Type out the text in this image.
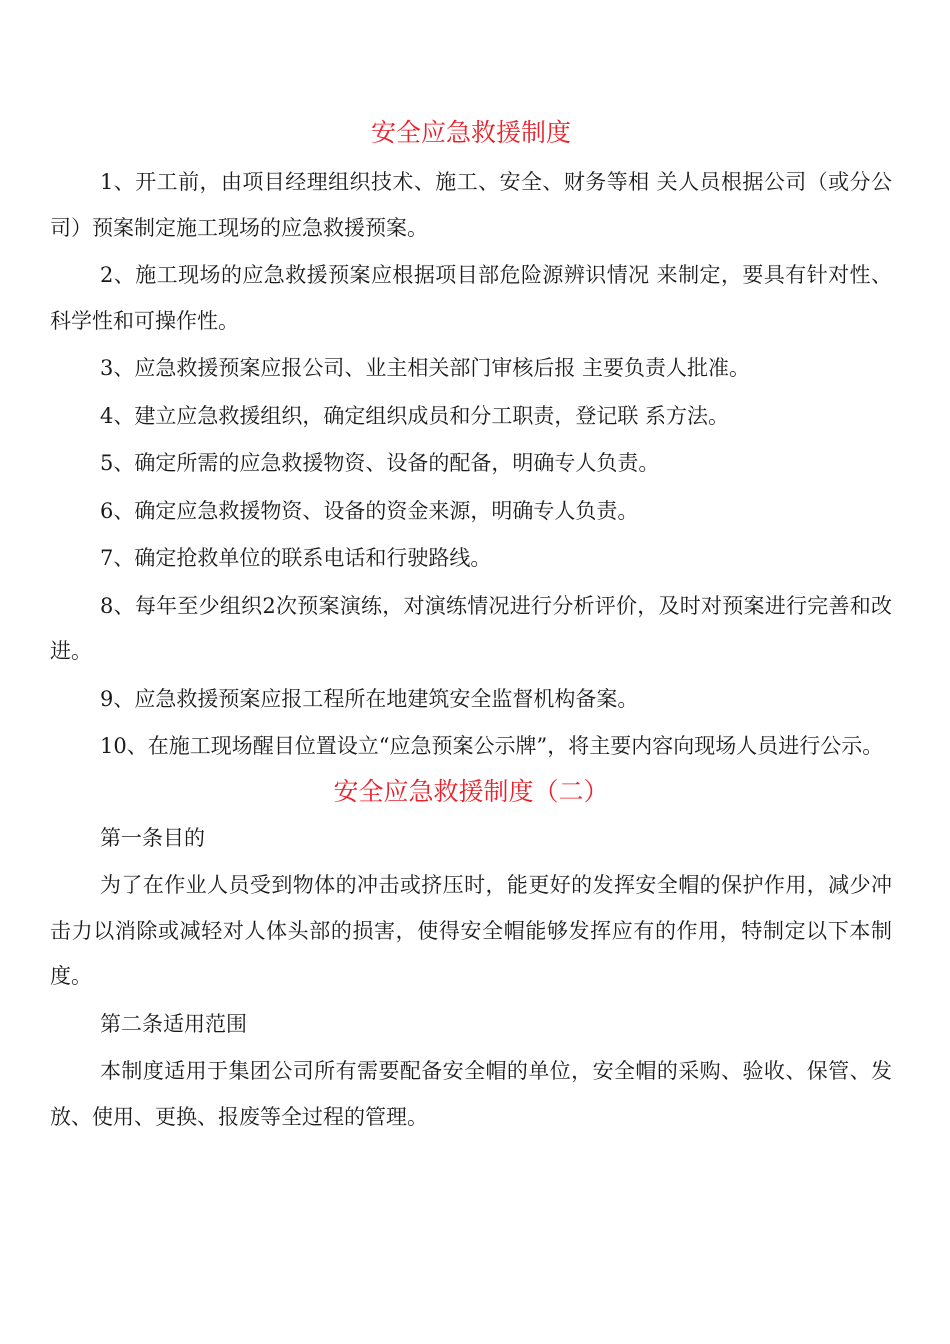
安全应急救援制度

1、开工前，由项目经理组织技术、施工、安全、财务等相 关人员根据公司（或分公司）预案制定施工现场的应急救援预案。

2、施工现场的应急救援预案应根据项目部危险源辨识情况 来制定，要具有针对性、科学性和可操作性。

3、应急救援预案应报公司、业主相关部门审核后报 主要负责人批准。

4、建立应急救援组织，确定组织成员和分工职责，登记联 系方法。

5、确定所需的应急救援物资、设备的配备，明确专人负责。

6、确定应急救援物资、设备的资金来源，明确专人负责。

7、确定抢救单位的联系电话和行驶路线。

8、每年至少组织2次预案演练，对演练情况进行分析评价，及时对预案进行完善和改进。

9、应急救援预案应报工程所在地建筑安全监督机构备案。

10、在施工现场醒目位置设立“应急预案公示牌”，将主要内容向现场人员进行公示。

安全应急救援制度（二）

第一条目的

为了在作业人员受到物体的冲击或挤压时，能更好的发挥安全帽的保护作用，减少冲击力以消除或减轻对人体头部的损害，使得安全帽能够发挥应有的作用，特制定以下本制度。

第二条适用范围

本制度适用于集团公司所有需要配备安全帽的单位，安全帽的采购、验收、保管、发放、使用、更换、报废等全过程的管理。
